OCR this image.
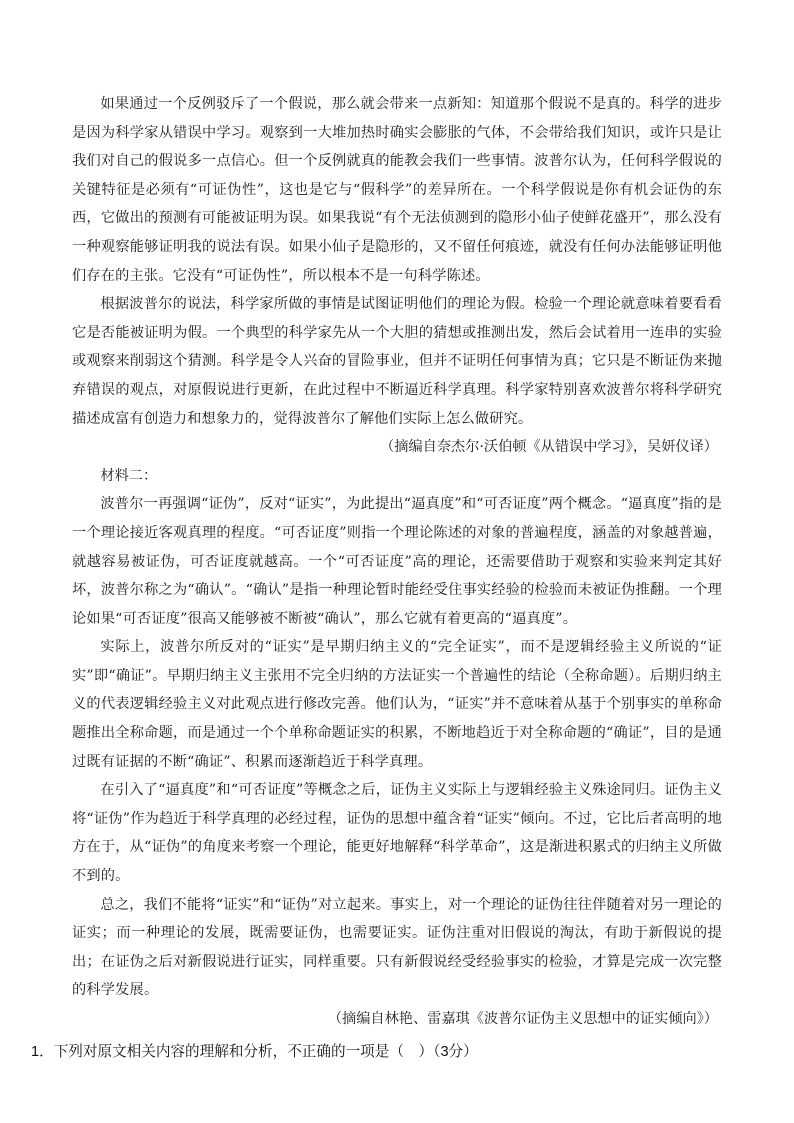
如果通过一个反例驳斥了一个假说，那么就会带来一点新知：知道那个假说不是真的。科学的进步是因为科学家从错误中学习。观察到一大堆加热时确实会膨胀的气体，不会带给我们知识，或许只是让我们对自己的假说多一点信心。但一个反例就真的能教会我们一些事情。波普尔认为，任何科学假说的关键特征是必须有“可证伪性”，这也是它与“假科学”的差异所在。一个科学假说是你有机会证伪的东西，它做出的预测有可能被证明为误。如果我说“有个无法侦测到的隐形小仙子使鲜花盛开”，那么没有一种观察能够证明我的说法有误。如果小仙子是隐形的，又不留任何痕迹，就没有任何办法能够证明他们存在的主张。它没有“可证伪性”，所以根本不是一句科学陈述。

根据波普尔的说法，科学家所做的事情是试图证明他们的理论为假。检验一个理论就意味着要看看它是否能被证明为假。一个典型的科学家先从一个大胆的猜想或推测出发，然后会试着用一连串的实验或观察来削弱这个猜测。科学是令人兴奋的冒险事业，但并不证明任何事情为真；它只是不断证伪来抛弃错误的观点，对原假说进行更新，在此过程中不断逼近科学真理。科学家特别喜欢波普尔将科学研究描述成富有创造力和想象力的，觉得波普尔了解他们实际上怎么做研究。

（摘编自奈杰尔·沃伯顿《从错误中学习》，吴妍仪译）

材料二：

波普尔一再强调“证伪”，反对“证实”，为此提出“逼真度”和“可否证度”两个概念。“逼真度”指的是一个理论接近客观真理的程度。“可否证度”则指一个理论陈述的对象的普遍程度，涵盖的对象越普遍，就越容易被证伪，可否证度就越高。一个“可否证度”高的理论，还需要借助于观察和实验来判定其好坏，波普尔称之为“确认”。“确认”是指一种理论暂时能经受住事实经验的检验而未被证伪推翻。一个理论如果“可否证度”很高又能够被不断被“确认”，那么它就有着更高的“逼真度”。

实际上，波普尔所反对的“证实”是早期归纳主义的“完全证实”，而不是逻辑经验主义所说的“证实”即“确证”。早期归纳主义主张用不完全归纳的方法证实一个普遍性的结论（全称命题）。后期归纳主义的代表逻辑经验主义对此观点进行修改完善。他们认为，“证实”并不意味着从基于个别事实的单称命题推出全称命题，而是通过一个个单称命题证实的积累，不断地趋近于对全称命题的“确证”，目的是通过既有证据的不断“确证”、积累而逐渐趋近于科学真理。

在引入了“逼真度”和“可否证度”等概念之后，证伪主义实际上与逻辑经验主义殊途同归。证伪主义将“证伪”作为趋近于科学真理的必经过程，证伪的思想中蕴含着“证实”倾向。不过，它比后者高明的地方在于，从“证伪”的角度来考察一个理论，能更好地解释“科学革命”，这是渐进积累式的归纳主义所做不到的。

总之，我们不能将“证实”和“证伪”对立起来。事实上，对一个理论的证伪往往伴随着对另一理论的证实；而一种理论的发展，既需要证伪，也需要证实。证伪注重对旧假说的淘汰，有助于新假说的提出；在证伪之后对新假说进行证实，同样重要。只有新假说经受经验事实的检验，才算是完成一次完整的科学发展。

（摘编自林艳、雷嘉琪《波普尔证伪主义思想中的证实倾向》）

1．下列对原文相关内容的理解和分析，不正确的一项是（　）（3分）
